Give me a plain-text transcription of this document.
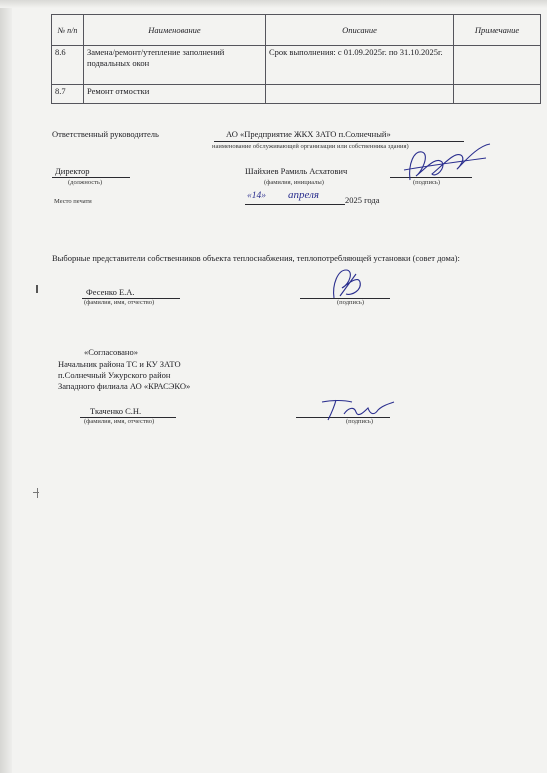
№ п/п	Наименование	Описание	Примечание
8.6	Замена/ремонт/утепление заполнений подвальных окон	Срок выполнения: с 01.09.2025г. по 31.10.2025г.	
8.7	Ремонт отмостки		
Ответственный руководитель	АО «Предприятие ЖКХ ЗАТО п.Солнечный»
наименование обслуживающей организации или собственника здания)
Директор
(должность)
Шайхиев Рамиль Асхатович
(фамилия, инициалы)	(подпись)
Место печати
«14» апреля	2025 года
Выборные представители собственников объекта теплоснабжения, теплопотребляющей установки (совет дома):
Фесенко Е.А.
(фамилия, имя, отчество)	(подпись)
«Согласовано»
Начальник района ТС и КУ ЗАТО
п.Солнечный Ужурского район
Западного филиала АО «КРАСЭКО»
Ткаченко С.Н.
(фамилия, имя, отчество)	(подпись)
